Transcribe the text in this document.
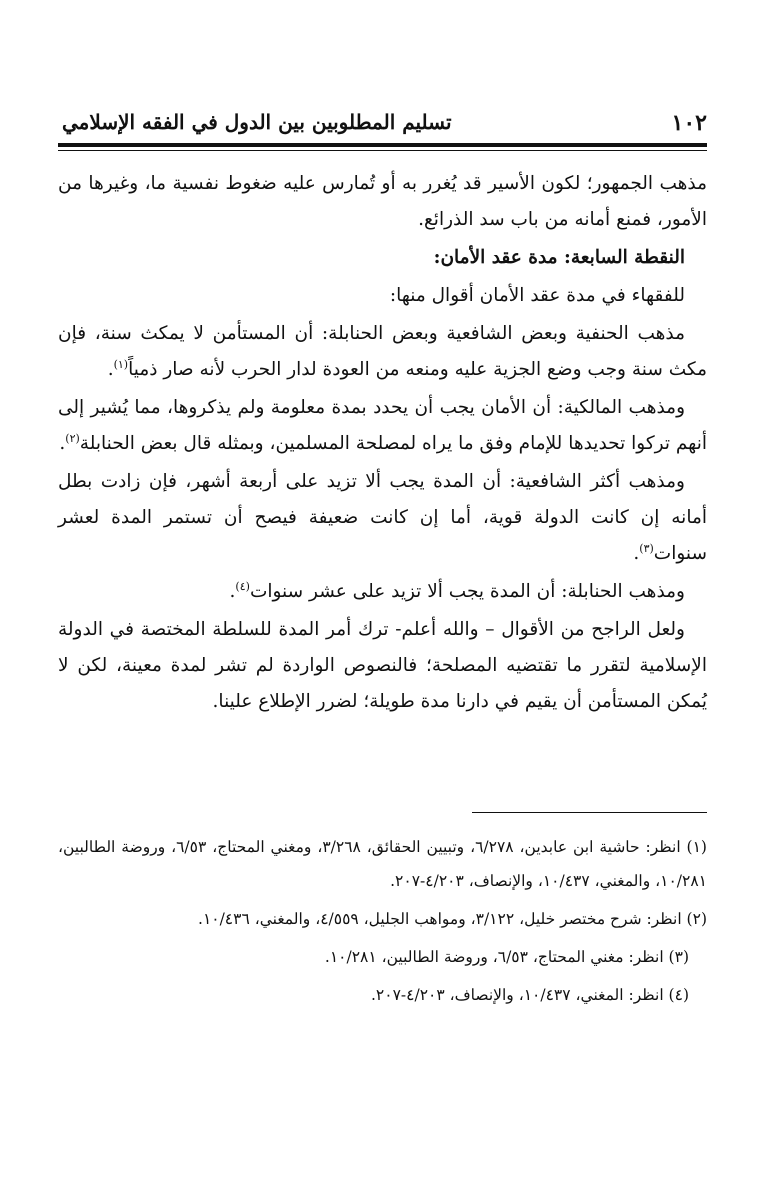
١٠٢
تسليم المطلوبين بين الدول في الفقه الإسلامي

مذهب الجمهور؛ لكون الأسير قد يُغرر به أو تُمارس عليه ضغوط نفسية ما، وغيرها من الأمور، فمنع أمانه من باب سد الذرائع.

النقطة السابعة: مدة عقد الأمان:

للفقهاء في مدة عقد الأمان أقوال منها:

مذهب الحنفية وبعض الشافعية وبعض الحنابلة: أن المستأمن لا يمكث سنة، فإن مكث سنة وجب وضع الجزية عليه ومنعه من العودة لدار الحرب لأنه صار ذمياً$^{(١)}$.

ومذهب المالكية: أن الأمان يجب أن يحدد بمدة معلومة ولم يذكروها، مما يُشير إلى أنهم تركوا تحديدها للإمام وفق ما يراه لمصلحة المسلمين، وبمثله قال بعض الحنابلة$^{(٢)}$.

ومذهب أكثر الشافعية: أن المدة يجب ألا تزيد على أربعة أشهر، فإن زادت بطل أمانه إن كانت الدولة قوية، أما إن كانت ضعيفة فيصح أن تستمر المدة لعشر سنوات$^{(٣)}$.

ومذهب الحنابلة: أن المدة يجب ألا تزيد على عشر سنوات$^{(٤)}$.

ولعل الراجح من الأقوال – والله أعلم- ترك أمر المدة للسلطة المختصة في الدولة الإسلامية لتقرر ما تقتضيه المصلحة؛ فالنصوص الواردة لم تشر لمدة معينة، لكن لا يُمكن المستأمن أن يقيم في دارنا مدة طويلة؛ لضرر الإطلاع علينا.

(١) انظر: حاشية ابن عابدين، ٦/٢٧٨، وتبيين الحقائق، ٣/٢٦٨، ومغني المحتاج، ٦/٥٣، وروضة الطالبين، ١٠/٢٨١، والمغني، ١٠/٤٣٧، والإنصاف، ٤/٢٠٣-٢٠٧.

(٢) انظر: شرح مختصر خليل، ٣/١٢٢، ومواهب الجليل، ٤/٥٥٩، والمغني، ١٠/٤٣٦.

(٣) انظر: مغني المحتاج، ٦/٥٣، وروضة الطالبين، ١٠/٢٨١.

(٤) انظر: المغني، ١٠/٤٣٧، والإنصاف، ٤/٢٠٣-٢٠٧.
